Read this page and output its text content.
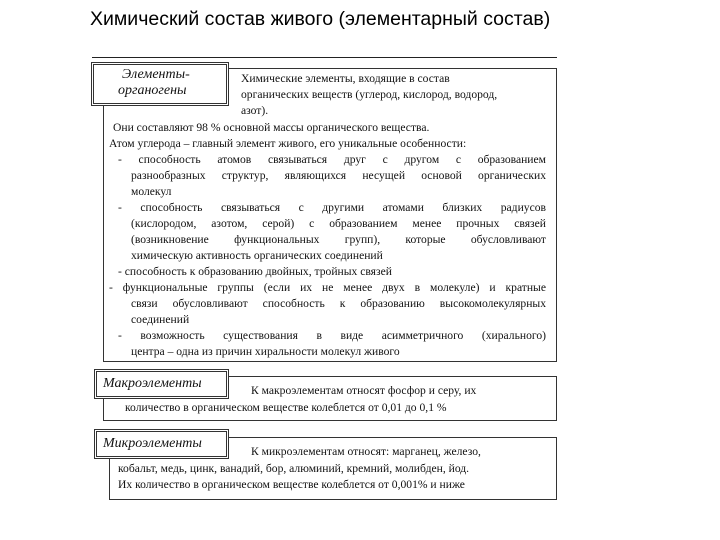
Химический состав живого (элементарный состав)
Элементы-
органогены
Химические элементы, входящие в состав
органических веществ (углерод, кислород, водород,
азот).
Они составляют 98 % основной массы органического вещества.
Атом углерода – главный элемент живого, его уникальные особенности:
- способность атомов связываться друг с другом с образованием
разнообразных структур, являющихся несущей основой органических
молекул
- способность связываться с другими атомами близких радиусов
(кислородом, азотом, серой) с образованием менее прочных связей
(возникновение функциональных групп), которые обусловливают
химическую активность органических соединений
- способность к образованию двойных, тройных связей
- функциональные группы (если их не менее двух в молекуле) и кратные
связи обусловливают способность к образованию высокомолекулярных
соединений
- возможность существования в виде асимметричного (хирального)
центра – одна из причин хиральности молекул живого
Макроэлементы	К макроэлементам относят фосфор и серу, их
количество в органическом веществе колеблется от 0,01 до 0,1 %
Микроэлементы
К микроэлементам относят: марганец, железо,
кобальт, медь, цинк, ванадий, бор, алюминий, кремний, молибден, йод.
Их количество в органическом веществе колеблется от 0,001% и ниже
